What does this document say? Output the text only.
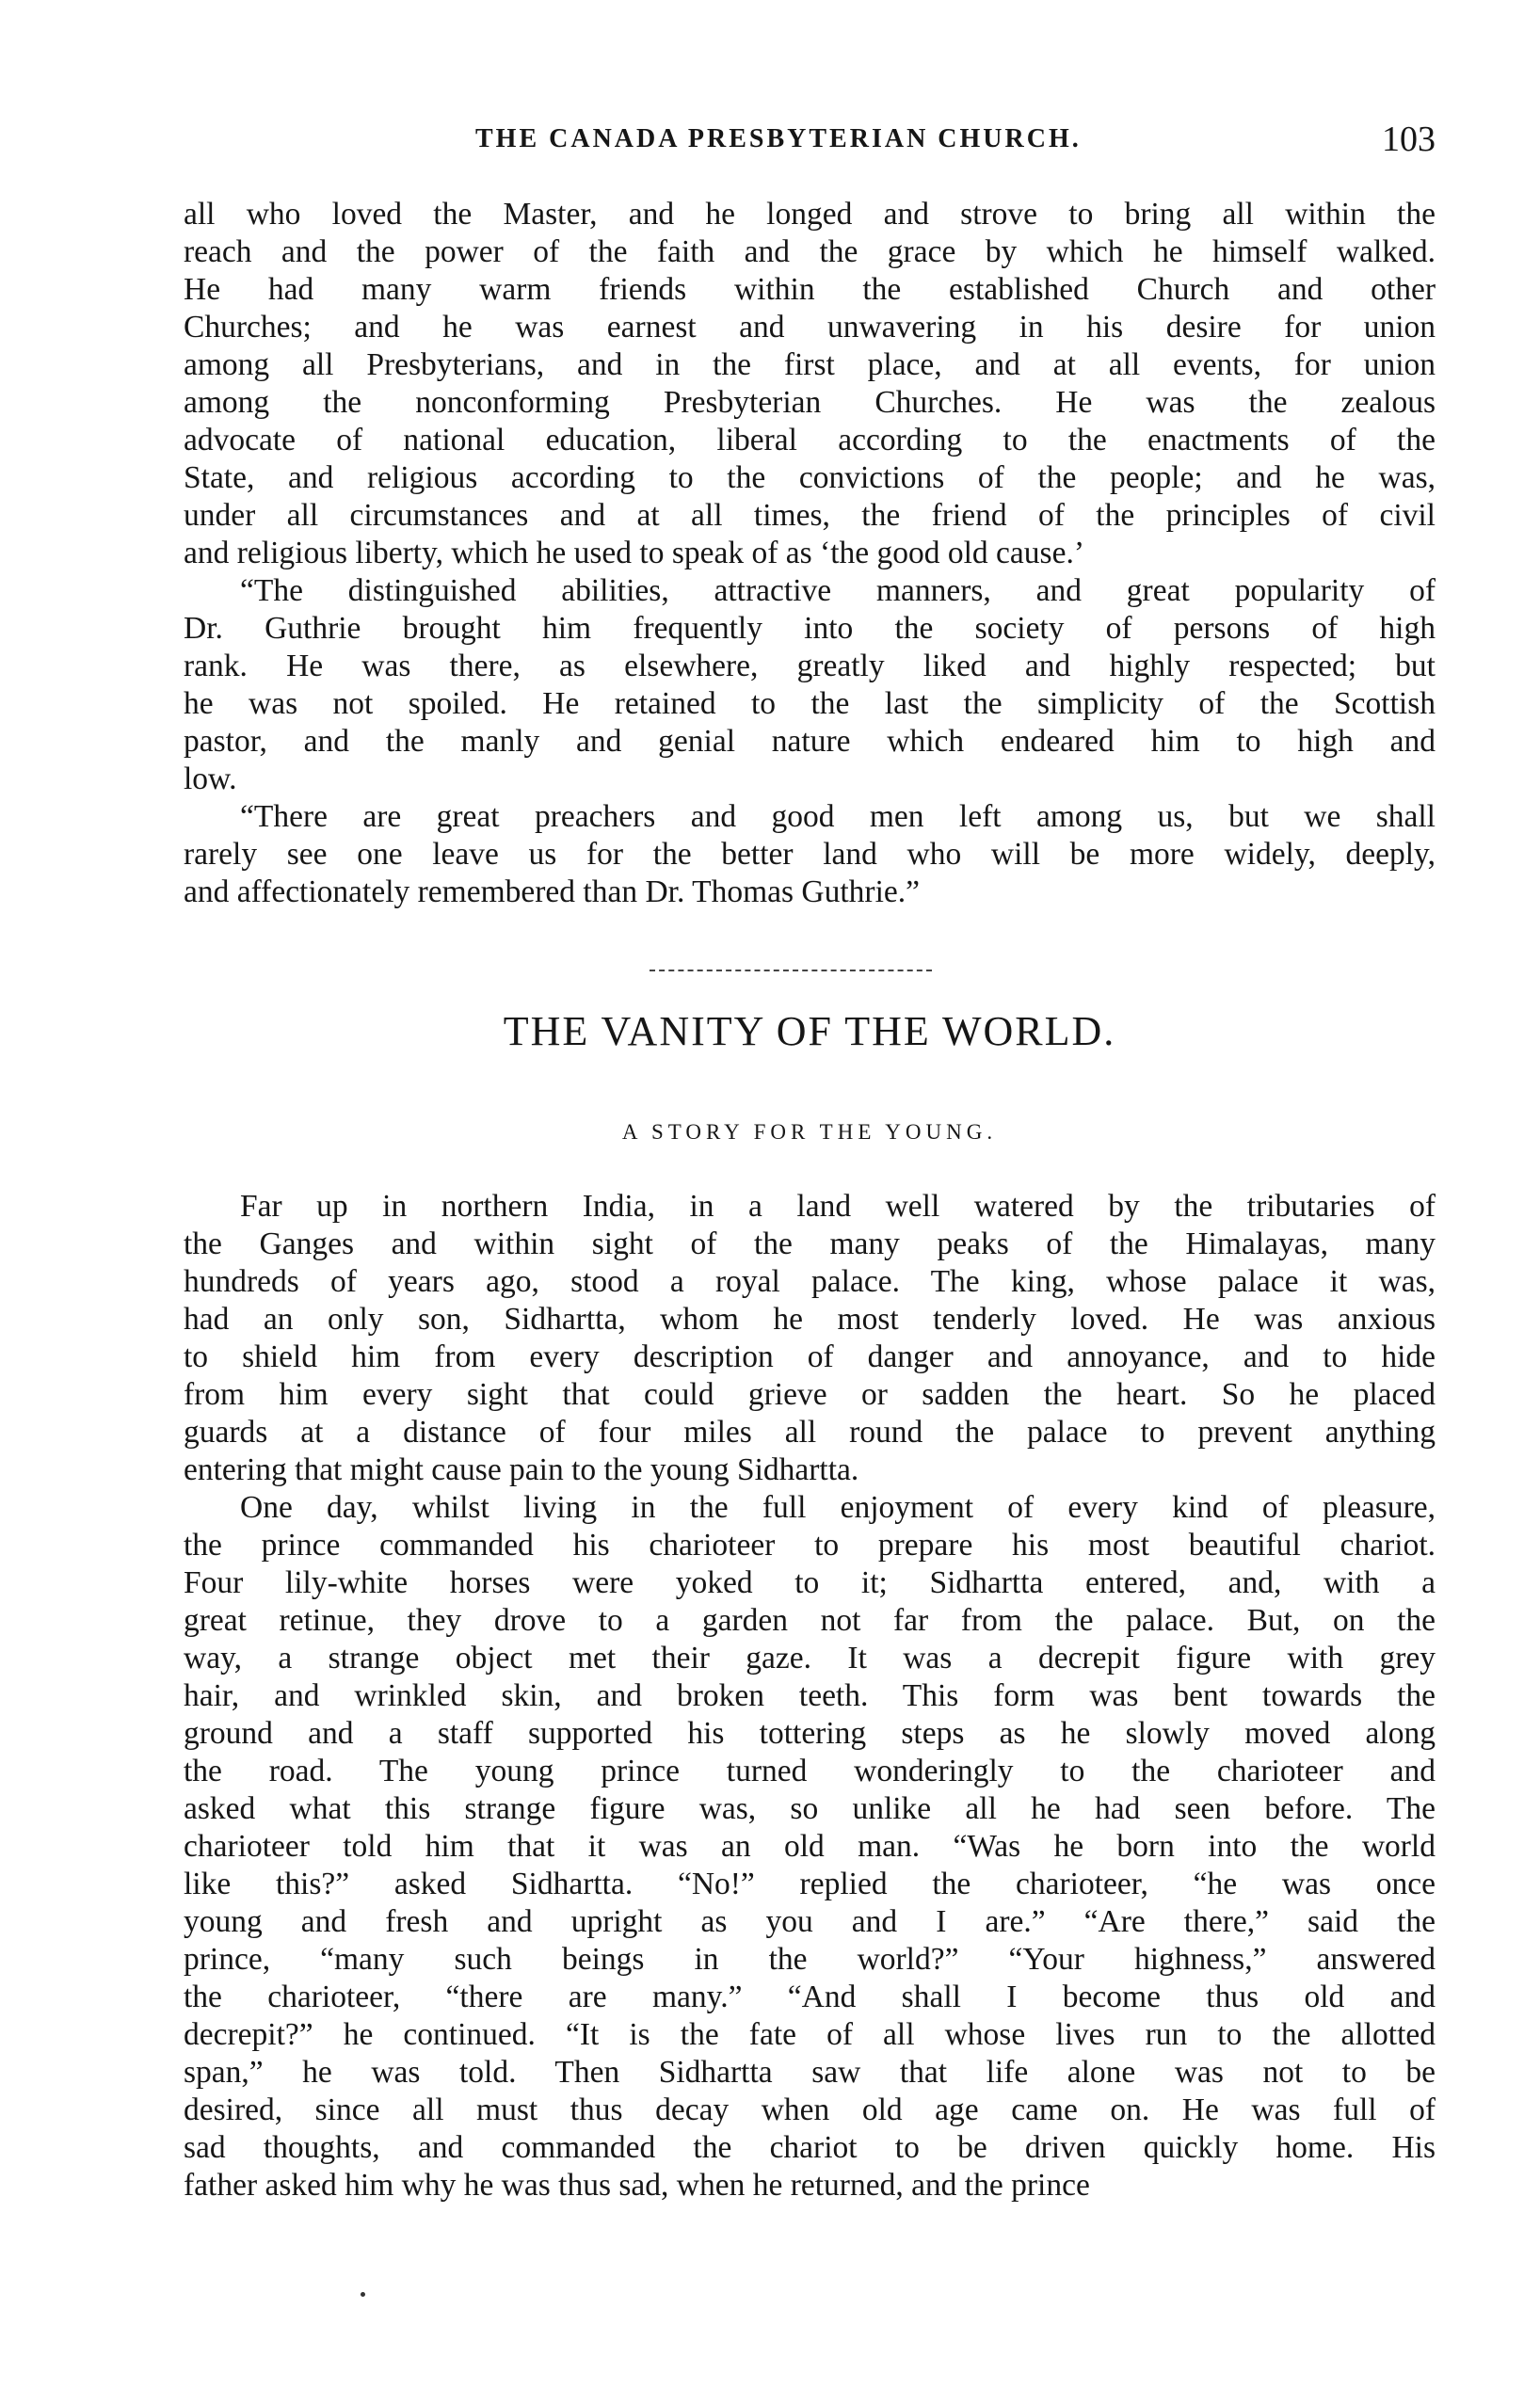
THE CANADA PRESBYTERIAN CHURCH.	103

all who loved the Master, and he longed and strove to bring all within the
reach and the power of the faith and the grace by which he himself walked.
He had many warm friends within the established Church and other
Churches; and he was earnest and unwavering in his desire for union
among all Presbyterians, and in the first place, and at all events, for union
among the nonconforming Presbyterian Churches. He was the zealous
advocate of national education, liberal according to the enactments of the
State, and religious according to the convictions of the people; and he was,
under all circumstances and at all times, the friend of the principles of civil
and religious liberty, which he used to speak of as ‘the good old cause.’

“The distinguished abilities, attractive manners, and great popularity of
Dr. Guthrie brought him frequently into the society of persons of high
rank. He was there, as elsewhere, greatly liked and highly respected; but
he was not spoiled. He retained to the last the simplicity of the Scottish
pastor, and the manly and genial nature which endeared him to high and
low.

“There are great preachers and good men left among us, but we shall
rarely see one leave us for the better land who will be more widely, deeply,
and affectionately remembered than Dr. Thomas Guthrie.”

THE VANITY OF THE WORLD.
A STORY FOR THE YOUNG.

Far up in northern India, in a land well watered by the tributaries of
the Ganges and within sight of the many peaks of the Himalayas, many
hundreds of years ago, stood a royal palace. The king, whose palace it was,
had an only son, Sidhartta, whom he most tenderly loved. He was anxious
to shield him from every description of danger and annoyance, and to hide
from him every sight that could grieve or sadden the heart. So he placed
guards at a distance of four miles all round the palace to prevent anything
entering that might cause pain to the young Sidhartta.

One day, whilst living in the full enjoyment of every kind of pleasure,
the prince commanded his charioteer to prepare his most beautiful chariot.
Four lily-white horses were yoked to it; Sidhartta entered, and, with a
great retinue, they drove to a garden not far from the palace. But, on the
way, a strange object met their gaze. It was a decrepit figure with grey
hair, and wrinkled skin, and broken teeth. This form was bent towards the
ground and a staff supported his tottering steps as he slowly moved along
the road. The young prince turned wonderingly to the charioteer and
asked what this strange figure was, so unlike all he had seen before. The
charioteer told him that it was an old man. “Was he born into the world
like this?” asked Sidhartta. “No!” replied the charioteer, “he was once
young and fresh and upright as you and I are.” “Are there,” said the
prince, “many such beings in the world?” “Your highness,” answered
the charioteer, “there are many.” “And shall I become thus old and
decrepit?” he continued. “It is the fate of all whose lives run to the allotted
span,” he was told. Then Sidhartta saw that life alone was not to be
desired, since all must thus decay when old age came on. He was full of
sad thoughts, and commanded the chariot to be driven quickly home. His
father asked him why he was thus sad, when he returned, and the prince
